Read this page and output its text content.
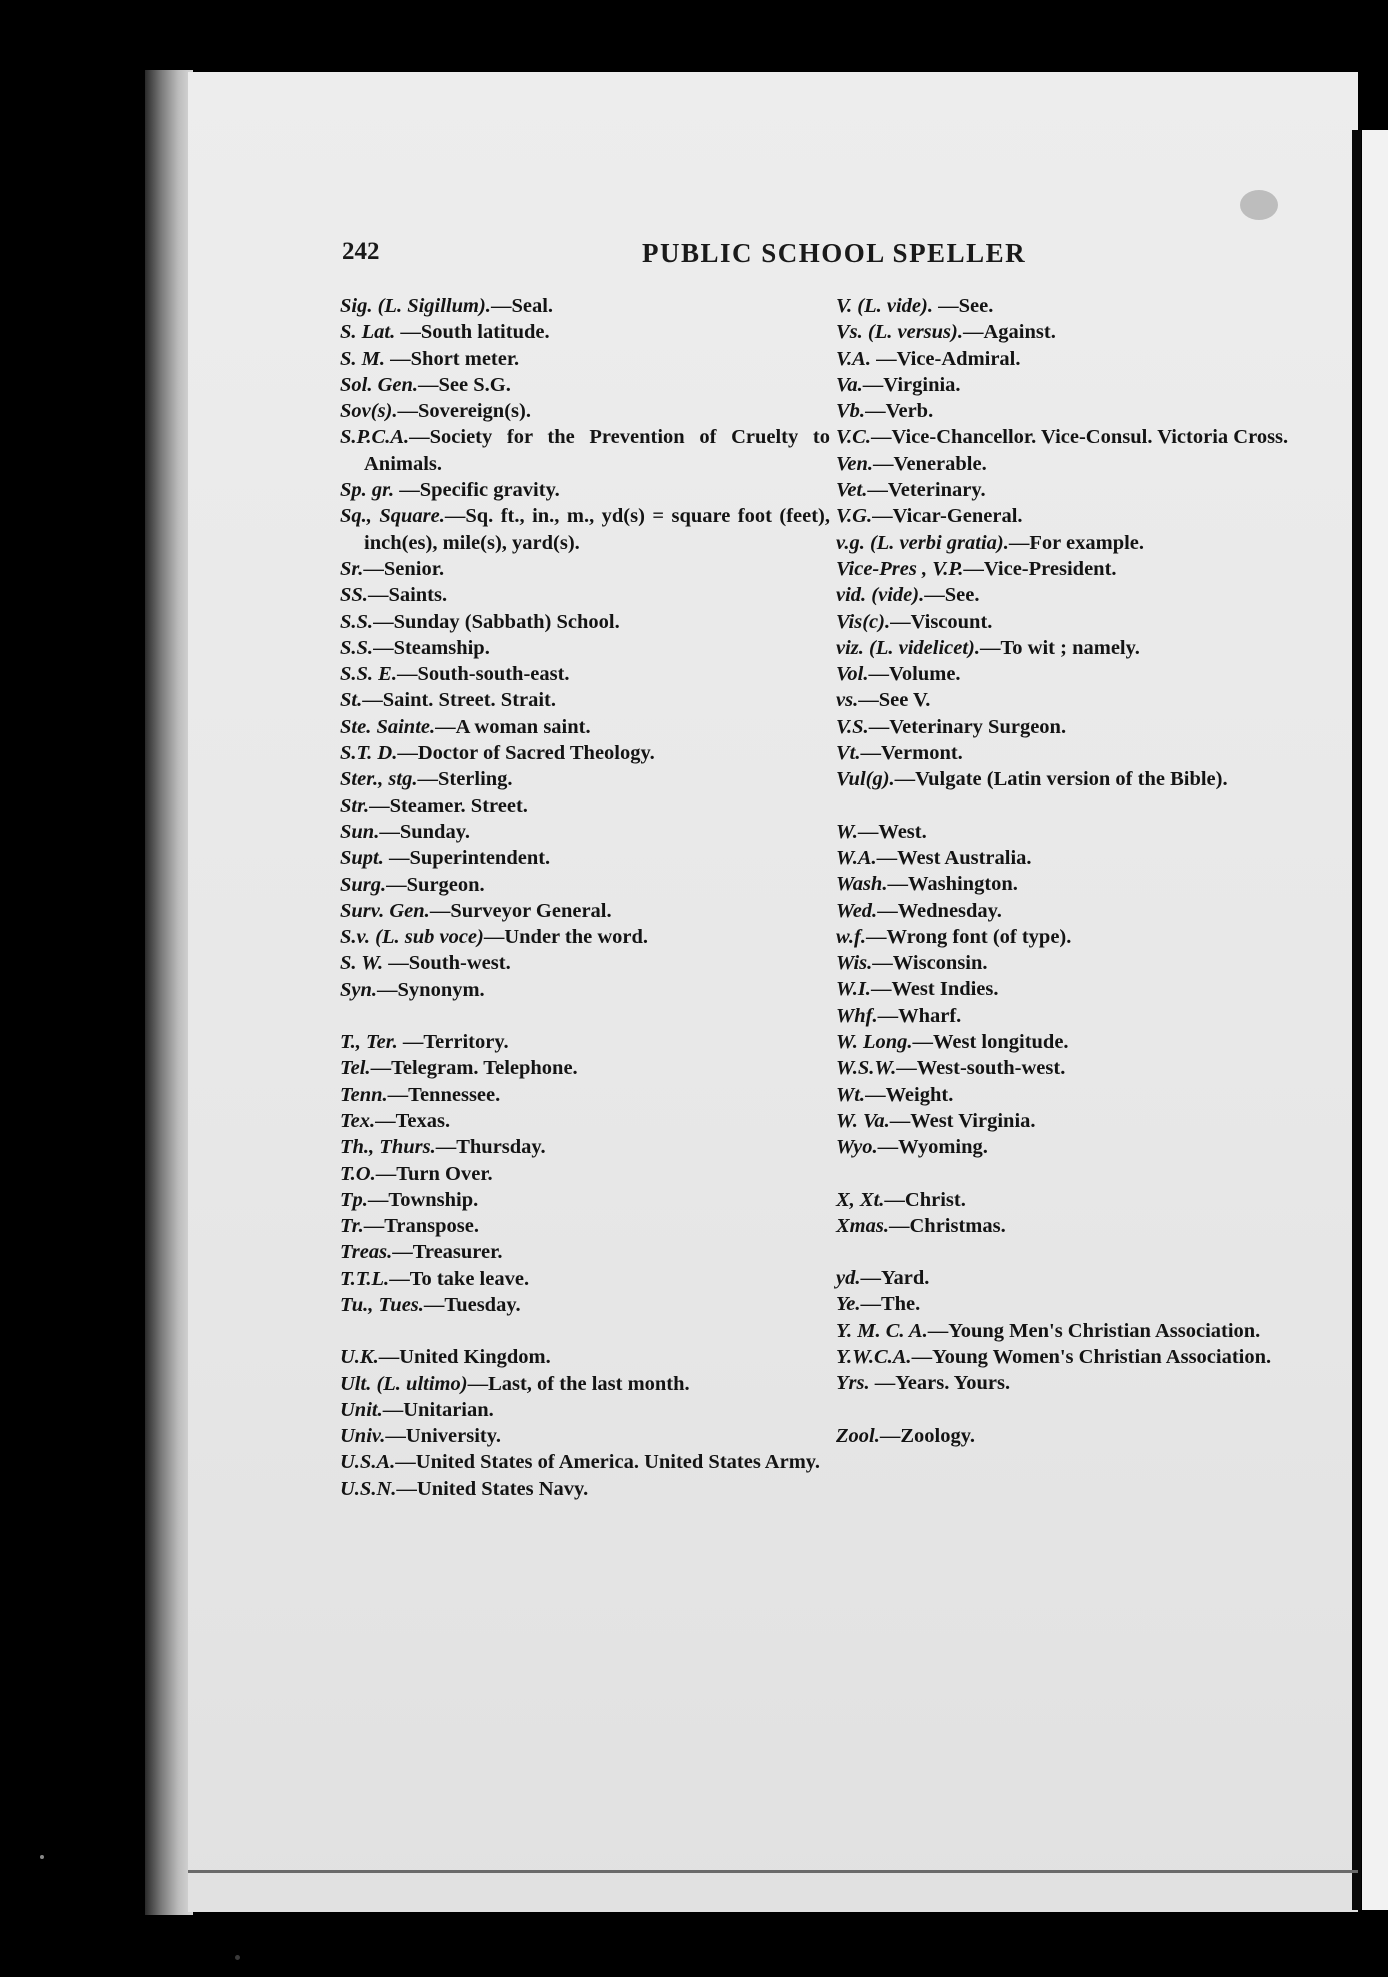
242	PUBLIC SCHOOL SPELLER
Sig. (L. Sigillum).—Seal.
S. Lat. —South latitude.
S. M. —Short meter.
Sol. Gen.—See S.G.
Sov(s).—Sovereign(s).
S.P.C.A.—Society for the Prevention of Cruelty to Animals.
Sp. gr. —Specific gravity.
Sq., Square.—Sq. ft., in., m., yd(s) = square foot (feet), inch(es), mile(s), yard(s).
Sr.—Senior.
SS.—Saints.
S.S.—Sunday (Sabbath) School.
S.S.—Steamship.
S.S. E.—South-south-east.
St.—Saint. Street. Strait.
Ste. Sainte.—A woman saint.
S.T. D.—Doctor of Sacred Theology.
Ster., stg.—Sterling.
Str.—Steamer. Street.
Sun.—Sunday.
Supt. —Superintendent.
Surg.—Surgeon.
Surv. Gen.—Surveyor General.
S.v. (L. sub voce)—Under the word.
S. W. —South-west.
Syn.—Synonym.
T., Ter. —Territory.
Tel.—Telegram. Telephone.
Tenn.—Tennessee.
Tex.—Texas.
Th., Thurs.—Thursday.
T.O.—Turn Over.
Tp.—Township.
Tr.—Transpose.
Treas.—Treasurer.
T.T.L.—To take leave.
Tu., Tues.—Tuesday.
U.K.—United Kingdom.
Ult. (L. ultimo)—Last, of the last month.
Unit.—Unitarian.
Univ.—University.
U.S.A.—United States of America. United States Army.
U.S.N.—United States Navy.
V. (L. vide). —See.
Vs. (L. versus).—Against.
V.A. —Vice-Admiral.
Va.—Virginia.
Vb.—Verb.
V.C.—Vice-Chancellor. Vice-Consul. Victoria Cross.
Ven.—Venerable.
Vet.—Veterinary.
V.G.—Vicar-General.
v.g. (L. verbi gratia).—For example.
Vice-Pres , V.P.—Vice-President.
vid. (vide).—See.
Vis(c).—Viscount.
viz. (L. videlicet).—To wit ; namely.
Vol.—Volume.
vs.—See V.
V.S.—Veterinary Surgeon.
Vt.—Vermont.
Vul(g).—Vulgate (Latin version of the Bible).
W.—West.
W.A.—West Australia.
Wash.—Washington.
Wed.—Wednesday.
w.f.—Wrong font (of type).
Wis.—Wisconsin.
W.I.—West Indies.
Whf.—Wharf.
W. Long.—West longitude.
W.S.W.—West-south-west.
Wt.—Weight.
W. Va.—West Virginia.
Wyo.—Wyoming.
X, Xt.—Christ.
Xmas.—Christmas.
yd.—Yard.
Ye.—The.
Y. M. C. A.—Young Men's Christian Association.
Y.W.C.A.—Young Women's Christian Association.
Yrs. —Years. Yours.
Zool.—Zoology.
